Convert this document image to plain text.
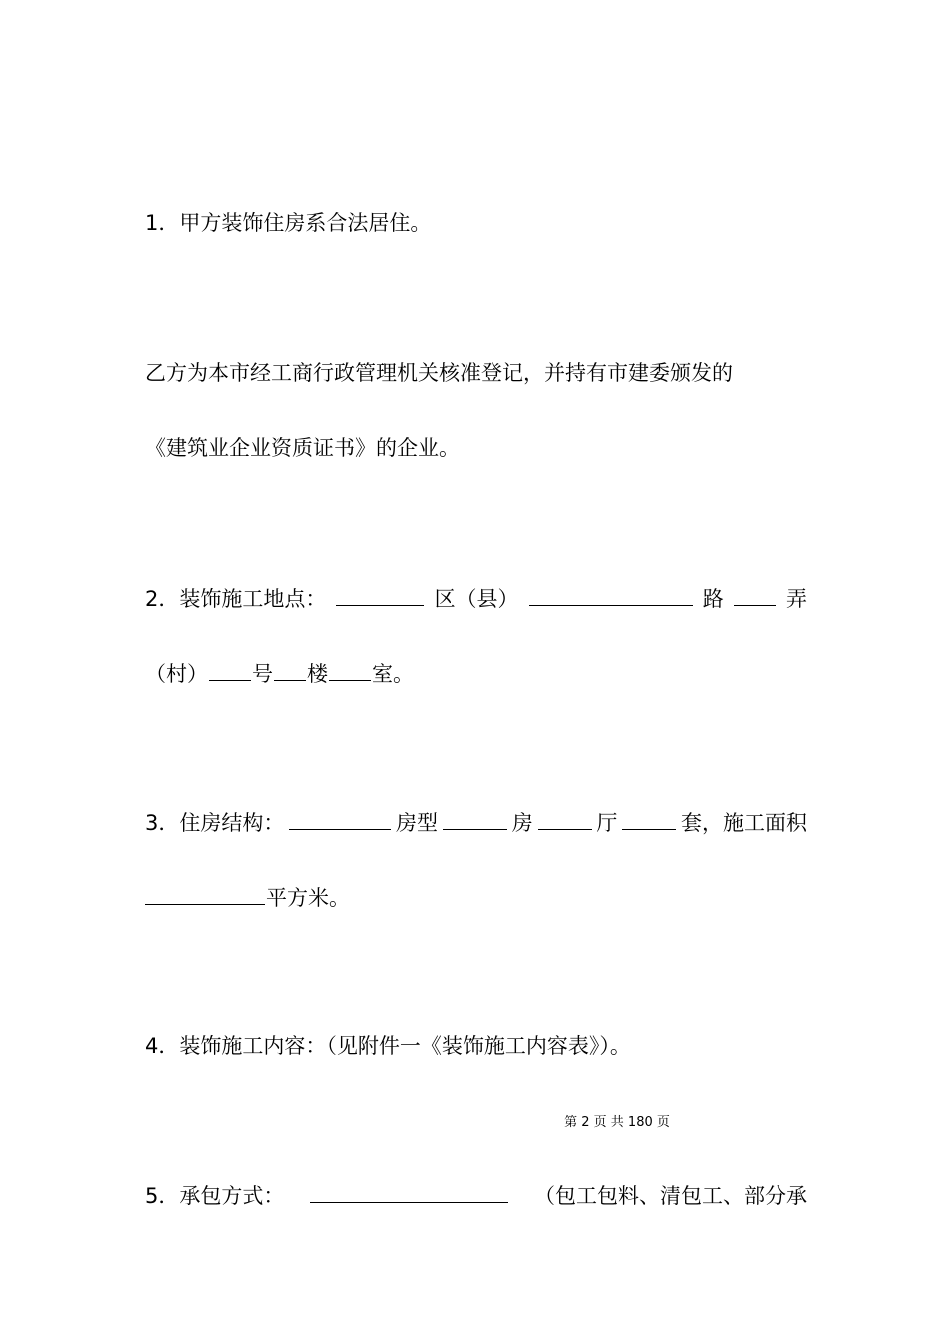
1．甲方装饰住房系合法居住。
乙方为本市经工商行政管理机关核准登记，并持有市建委颁发的
《建筑业企业资质证书》的企业。
2．装饰施工地点：	区（县）	路	弄
（村） 号 楼 室。
3．住房结构：	房型	房	厅	套，施工面积
平方米。
4．装饰施工内容：（见附件一《装饰施工内容表》）。
第 2 页 共 180 页
5．承包方式：	（包工包料、清包工、部分承
